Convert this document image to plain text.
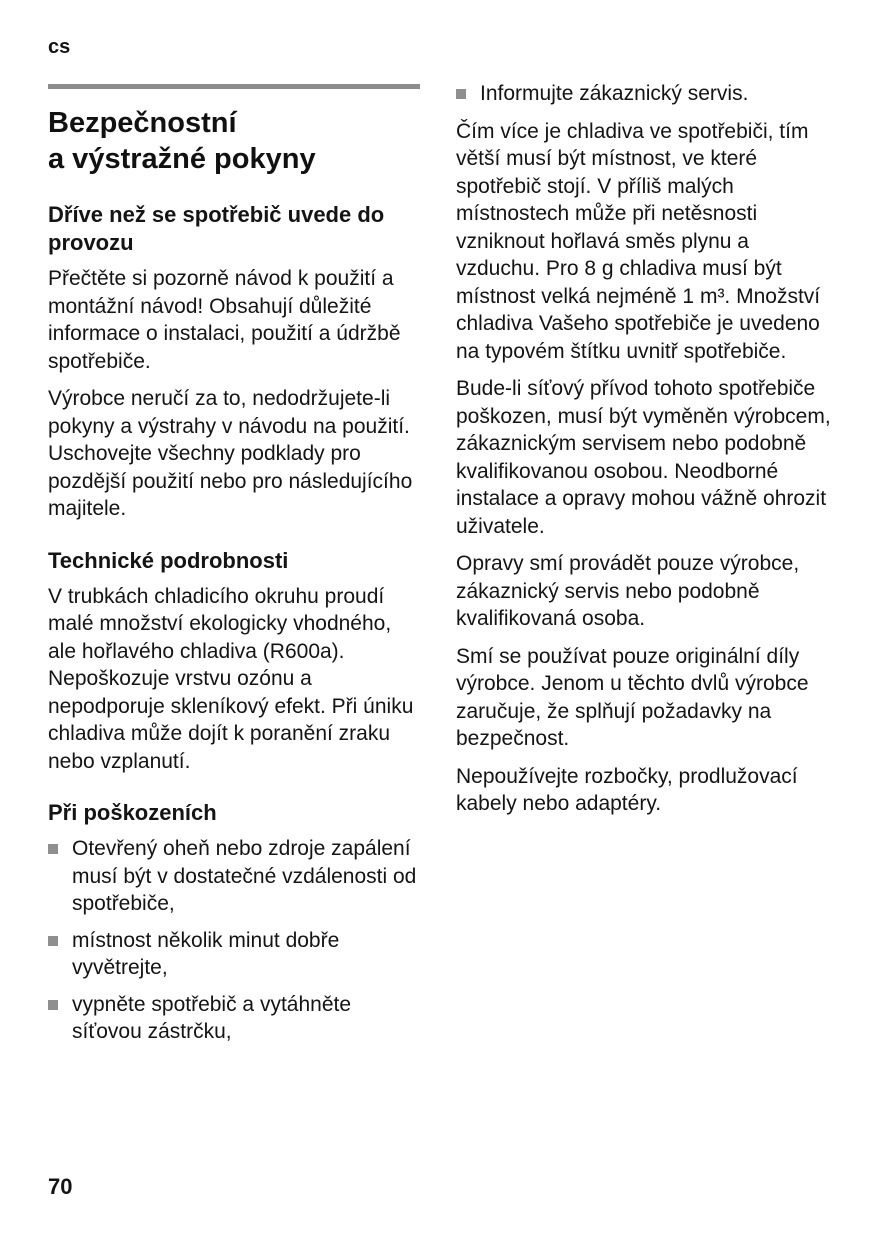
cs
Bezpečnostní
a výstražné pokyny
Dříve než se spotřebič uvede do provozu

Přečtěte si pozorně návod k použití a montážní návod! Obsahují důležité informace o instalaci, použití a údržbě spotřebiče.

Výrobce neručí za to, nedodržujete-li pokyny a výstrahy v návodu na použití. Uschovejte všechny podklady pro pozdější použití nebo pro následujícího majitele.

Technické podrobnosti

V trubkách chladicího okruhu proudí malé množství ekologicky vhodného, ale hořlavého chladiva (R600a). Nepoškozuje vrstvu ozónu a nepodporuje skleníkový efekt. Při úniku chladiva může dojít k poranění zraku nebo vzplanutí.

Při poškozeních
Otevřený oheň nebo zdroje zapálení musí být v dostatečné vzdálenosti od spotřebiče,
místnost několik minut dobře vyvětrejte,
vypněte spotřebič a vytáhněte síťovou zástrčku,
Informujte zákaznický servis.

Čím více je chladiva ve spotřebiči, tím větší musí být místnost, ve které spotřebič stojí. V příliš malých místnostech může při netěsnosti vzniknout hořlavá směs plynu a vzduchu. Pro 8 g chladiva musí být místnost velká nejméně 1 m³. Množství chladiva Vašeho spotřebiče je uvedeno na typovém štítku uvnitř spotřebiče.

Bude-li síťový přívod tohoto spotřebiče poškozen, musí být vyměněn výrobcem, zákaznickým servisem nebo podobně kvalifikovanou osobou. Neodborné instalace a opravy mohou vážně ohrozit uživatele.

Opravy smí provádět pouze výrobce, zákaznický servis nebo podobně kvalifikovaná osoba.

Smí se používat pouze originální díly výrobce. Jenom u těchto dvlů výrobce zaručuje, že splňují požadavky na bezpečnost.

Nepoužívejte rozbočky, prodlužovací kabely nebo adaptéry.

70
